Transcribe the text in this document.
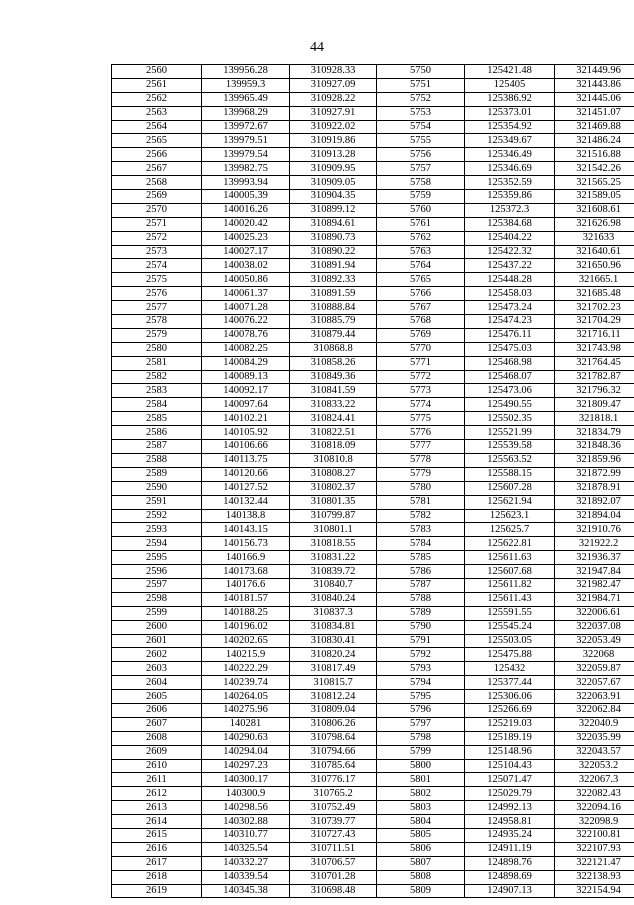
44
2560	139956.28	310928.33	5750	125421.48	321449.96
2561	139959.3	310927.09	5751	125405	321443.86
2562	139965.49	310928.22	5752	125386.92	321445.06
2563	139968.29	310927.91	5753	125373.01	321451.07
2564	139972.67	310922.02	5754	125354.92	321469.88
2565	139979.51	310919.86	5755	125349.67	321486.24
2566	139979.54	310913.28	5756	125346.49	321516.88
2567	139982.75	310909.95	5757	125346.69	321542.26
2568	139993.94	310909.05	5758	125352.59	321565.25
2569	140005.39	310904.35	5759	125359.86	321589.05
2570	140016.26	310899.12	5760	125372.3	321608.61
2571	140020.42	310894.61	5761	125384.68	321626.98
2572	140025.23	310890.73	5762	125404.22	321633
2573	140027.17	310890.22	5763	125422.32	321640.61
2574	140038.02	310891.94	5764	125437.22	321650.96
2575	140050.86	310892.33	5765	125448.28	321665.1
2576	140061.37	310891.59	5766	125458.03	321685.48
2577	140071.28	310888.84	5767	125473.24	321702.23
2578	140076.22	310885.79	5768	125474.23	321704.29
2579	140078.76	310879.44	5769	125476.11	321716.11
2580	140082.25	310868.8	5770	125475.03	321743.98
2581	140084.29	310858.26	5771	125468.98	321764.45
2582	140089.13	310849.36	5772	125468.07	321782.87
2583	140092.17	310841.59	5773	125473.06	321796.32
2584	140097.64	310833.22	5774	125490.55	321809.47
2585	140102.21	310824.41	5775	125502.35	321818.1
2586	140105.92	310822.51	5776	125521.99	321834.79
2587	140106.66	310818.09	5777	125539.58	321848.36
2588	140113.75	310810.8	5778	125563.52	321859.96
2589	140120.66	310808.27	5779	125588.15	321872.99
2590	140127.52	310802.37	5780	125607.28	321878.91
2591	140132.44	310801.35	5781	125621.94	321892.07
2592	140138.8	310799.87	5782	125623.1	321894.04
2593	140143.15	310801.1	5783	125625.7	321910.76
2594	140156.73	310818.55	5784	125622.81	321922.2
2595	140166.9	310831.22	5785	125611.63	321936.37
2596	140173.68	310839.72	5786	125607.68	321947.84
2597	140176.6	310840.7	5787	125611.82	321982.47
2598	140181.57	310840.24	5788	125611.43	321984.71
2599	140188.25	310837.3	5789	125591.55	322006.61
2600	140196.02	310834.81	5790	125545.24	322037.08
2601	140202.65	310830.41	5791	125503.05	322053.49
2602	140215.9	310820.24	5792	125475.88	322068
2603	140222.29	310817.49	5793	125432	322059.87
2604	140239.74	310815.7	5794	125377.44	322057.67
2605	140264.05	310812.24	5795	125306.06	322063.91
2606	140275.96	310809.04	5796	125266.69	322062.84
2607	140281	310806.26	5797	125219.03	322040.9
2608	140290.63	310798.64	5798	125189.19	322035.99
2609	140294.04	310794.66	5799	125148.96	322043.57
2610	140297.23	310785.64	5800	125104.43	322053.2
2611	140300.17	310776.17	5801	125071.47	322067.3
2612	140300.9	310765.2	5802	125029.79	322082.43
2613	140298.56	310752.49	5803	124992.13	322094.16
2614	140302.88	310739.77	5804	124958.81	322098.9
2615	140310.77	310727.43	5805	124935.24	322100.81
2616	140325.54	310711.51	5806	124911.19	322107.93
2617	140332.27	310706.57	5807	124898.76	322121.47
2618	140339.54	310701.28	5808	124898.69	322138.93
2619	140345.38	310698.48	5809	124907.13	322154.94
